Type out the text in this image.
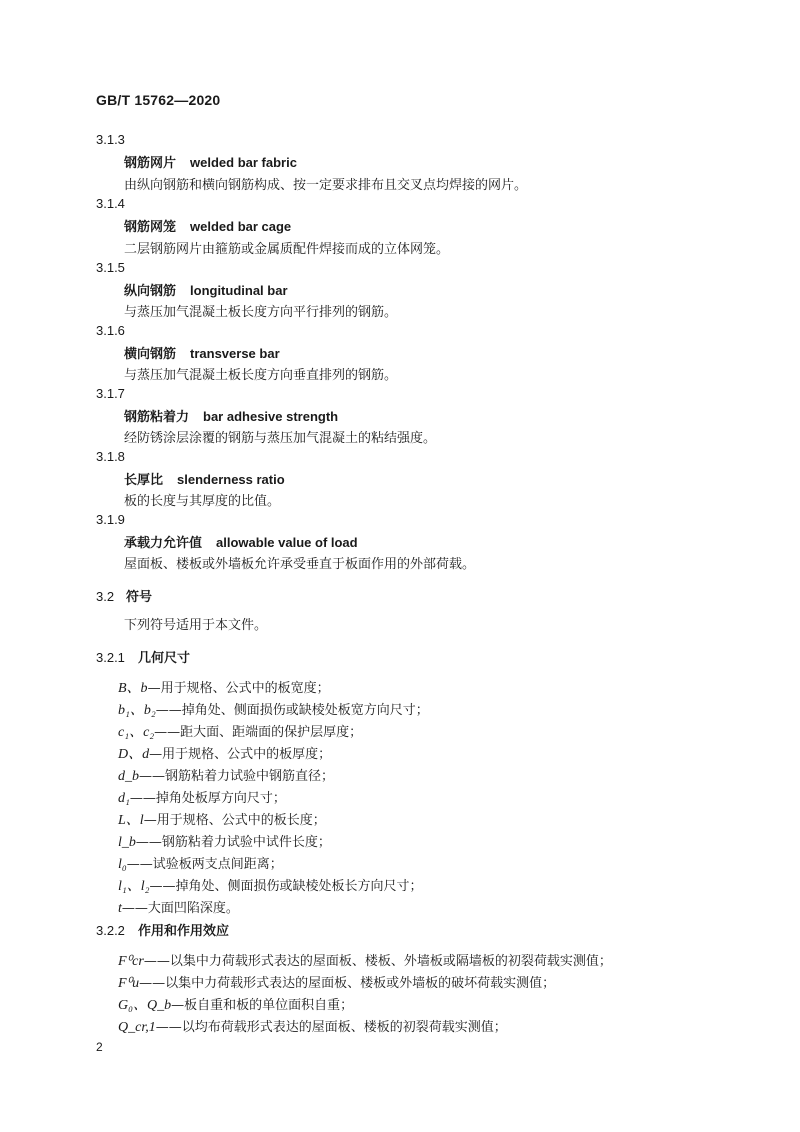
GB/T 15762—2020
3.1.3
钢筋网片 welded bar fabric
由纵向钢筋和横向钢筋构成、按一定要求排布且交叉点均焊接的网片。
3.1.4
钢筋网笼 welded bar cage
二层钢筋网片由箍筋或金属质配件焊接而成的立体网笼。
3.1.5
纵向钢筋 longitudinal bar
与蒸压加气混凝土板长度方向平行排列的钢筋。
3.1.6
横向钢筋 transverse bar
与蒸压加气混凝土板长度方向垂直排列的钢筋。
3.1.7
钢筋粘着力 bar adhesive strength
经防锈涂层涂覆的钢筋与蒸压加气混凝土的粘结强度。
3.1.8
长厚比 slenderness ratio
板的长度与其厚度的比值。
3.1.9
承载力允许值 allowable value of load
屋面板、楼板或外墙板允许承受垂直于板面作用的外部荷载。
3.2 符号
下列符号适用于本文件。
3.2.1 几何尺寸
B、b—用于规格、公式中的板宽度；
b₁、b₂——掉角处、侧面损伤或缺棱处板宽方向尺寸；
c₁、c₂——距大面、距端面的保护层厚度；
D、d—用于规格、公式中的板厚度；
d_b——钢筋粘着力试验中钢筋直径；
d₁——掉角处板厚方向尺寸；
L、l—用于规格、公式中的板长度；
l_b——钢筋粘着力试验中试件长度；
l₀——试验板两支点间距离；
l₁、l₂——掉角处、侧面损伤或缺棱处板长方向尺寸；
t——大面凹陷深度。
3.2.2 作用和作用效应
F⁰cr——以集中力荷载形式表达的屋面板、楼板、外墙板或隔墙板的初裂荷载实测值；
F⁰u——以集中力荷载形式表达的屋面板、楼板或外墙板的破坏荷载实测值；
G₀、Q_b—板自重和板的单位面积自重；
Q_cr,1——以均布荷载形式表达的屋面板、楼板的初裂荷载实测值；
2
